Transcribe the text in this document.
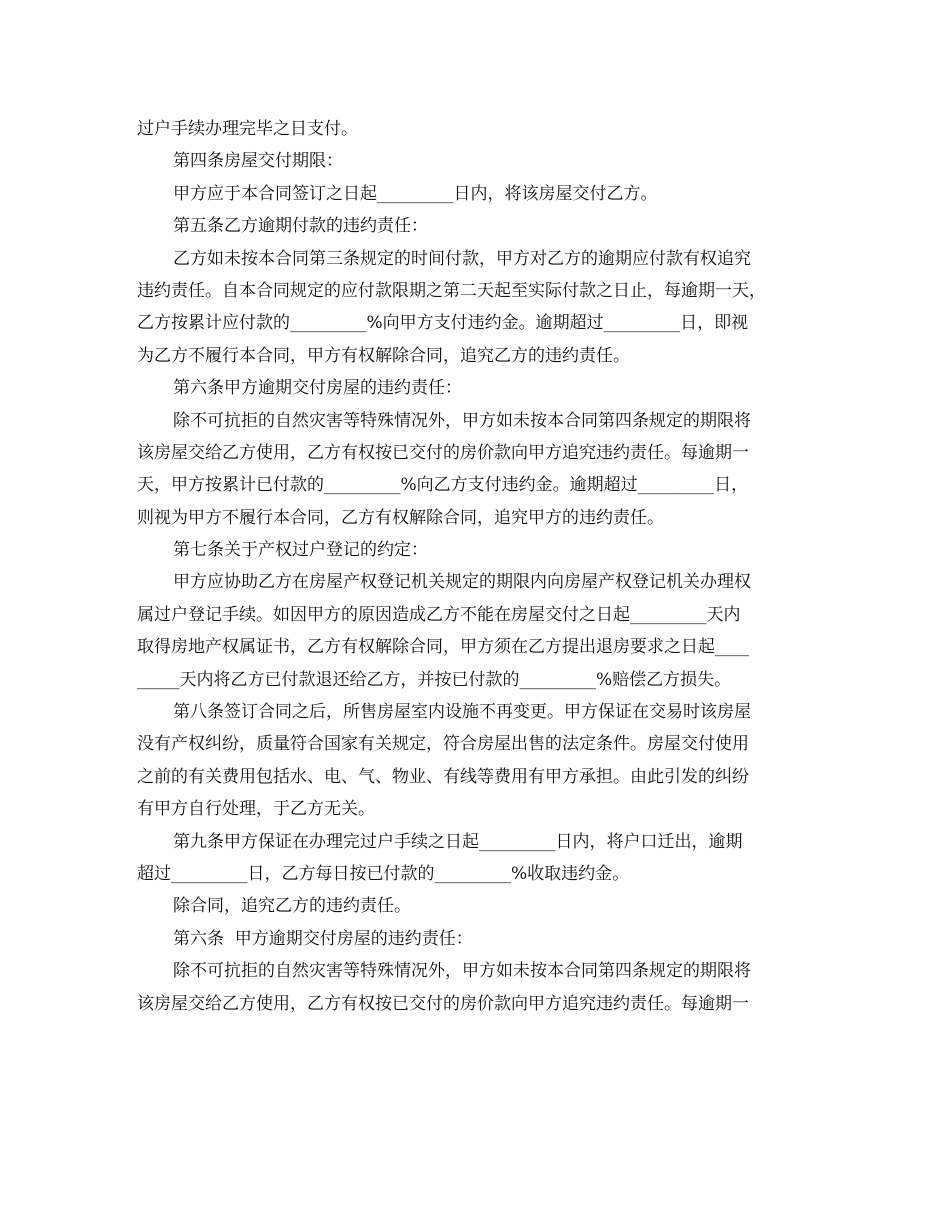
过户手续办理完毕之日支付。
第四条房屋交付期限：
甲方应于本合同签订之日起_________日内，将该房屋交付乙方。
第五条乙方逾期付款的违约责任：
乙方如未按本合同第三条规定的时间付款，甲方对乙方的逾期应付款有权追究
违约责任。自本合同规定的应付款限期之第二天起至实际付款之日止，每逾期一天，
乙方按累计应付款的_________%向甲方支付违约金。逾期超过_________日，即视
为乙方不履行本合同，甲方有权解除合同，追究乙方的违约责任。
第六条甲方逾期交付房屋的违约责任：
除不可抗拒的自然灾害等特殊情况外，甲方如未按本合同第四条规定的期限将
该房屋交给乙方使用，乙方有权按已交付的房价款向甲方追究违约责任。每逾期一
天，甲方按累计已付款的_________%向乙方支付违约金。逾期超过_________日，
则视为甲方不履行本合同，乙方有权解除合同，追究甲方的违约责任。
第七条关于产权过户登记的约定：
甲方应协助乙方在房屋产权登记机关规定的期限内向房屋产权登记机关办理权
属过户登记手续。如因甲方的原因造成乙方不能在房屋交付之日起_________天内
取得房地产权属证书，乙方有权解除合同，甲方须在乙方提出退房要求之日起____
_____天内将乙方已付款退还给乙方，并按已付款的_________%赔偿乙方损失。
第八条签订合同之后，所售房屋室内设施不再变更。甲方保证在交易时该房屋
没有产权纠纷，质量符合国家有关规定，符合房屋出售的法定条件。房屋交付使用
之前的有关费用包括水、电、气、物业、有线等费用有甲方承担。由此引发的纠纷
有甲方自行处理，于乙方无关。
第九条甲方保证在办理完过户手续之日起_________日内，将户口迁出，逾期
超过_________日，乙方每日按已付款的_________%收取违约金。
除合同，追究乙方的违约责任。
第六条  甲方逾期交付房屋的违约责任：
除不可抗拒的自然灾害等特殊情况外，甲方如未按本合同第四条规定的期限将
该房屋交给乙方使用，乙方有权按已交付的房价款向甲方追究违约责任。每逾期一
